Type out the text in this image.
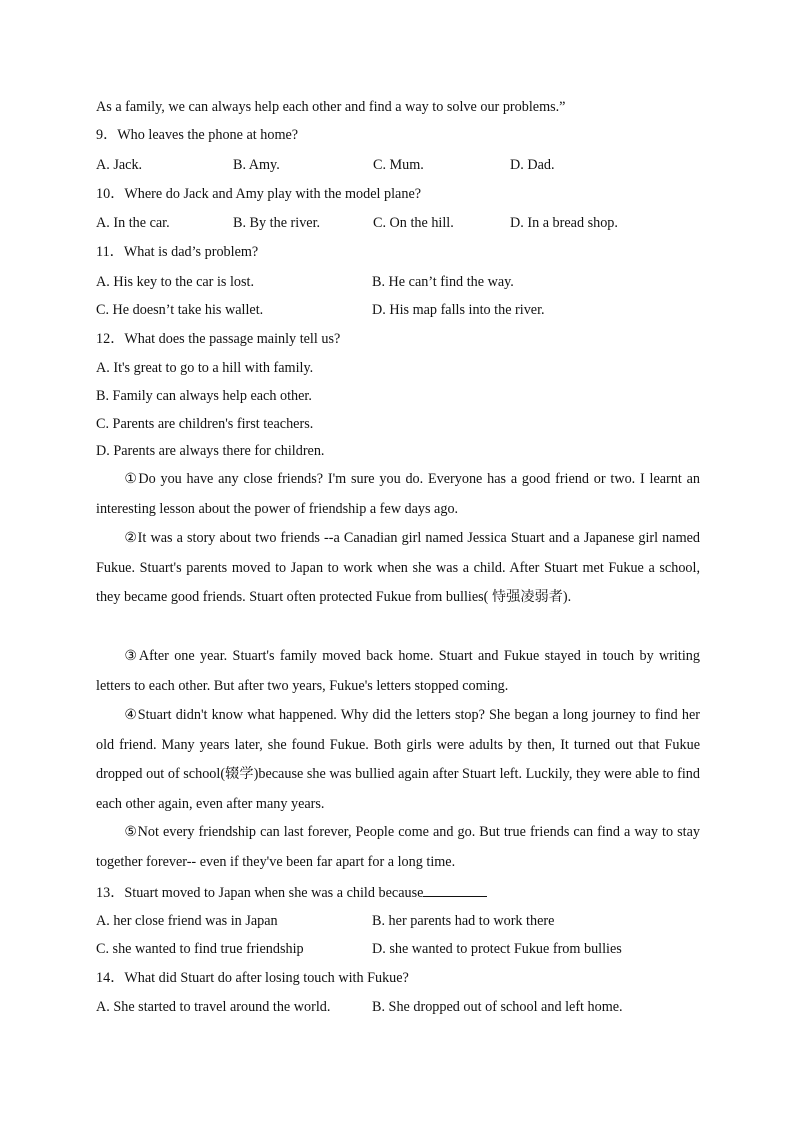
As a family, we can always help each other and find a way to solve our problems.”
9．Who leaves the phone at home?
A. Jack.	B. Amy.	C. Mum.	D. Dad.
10．Where do Jack and Amy play with the model plane?
A. In the car.	B. By the river.	C. On the hill.	D. In a bread shop.
11．What is dad’s problem?
A. His key to the car is lost.	B. He can’t find the way.
C. He doesn’t take his wallet.	D. His map falls into the river.
12．What does the passage mainly tell us?
A. It's great to go to a hill with family.
B. Family can always help each other.
C. Parents are children's first teachers.
D. Parents are always there for children.
①Do you have any close friends? I'm sure you do. Everyone has a good friend or two. I learnt an interesting lesson about the power of friendship a few days ago.
②It was a story about two friends --a Canadian girl named Jessica Stuart and a Japanese girl named Fukue. Stuart's parents moved to Japan to work when she was a child. After Stuart met Fukue a school, they became good friends. Stuart often protected Fukue from bullies( 恃强凌弱者).
③After one year. Stuart's family moved back home. Stuart and Fukue stayed in touch by writing letters to each other. But after two years, Fukue's letters stopped coming.
④Stuart didn't know what happened. Why did the letters stop? She began a long journey to find her old friend. Many years later, she found Fukue. Both girls were adults by then, It turned out that Fukue dropped out of school(辍学)because she was bullied again after Stuart left. Luckily, they were able to find each other again, even after many years.
⑤Not every friendship can last forever, People come and go. But true friends can find a way to stay together forever-- even if they've been far apart for a long time.
13．Stuart moved to Japan when she was a child because
A. her close friend was in Japan	B. her parents had to work there
C. she wanted to find true friendship	D. she wanted to protect Fukue from bullies
14．What did Stuart do after losing touch with Fukue?
A. She started to travel around the world.	B. She dropped out of school and left home.
